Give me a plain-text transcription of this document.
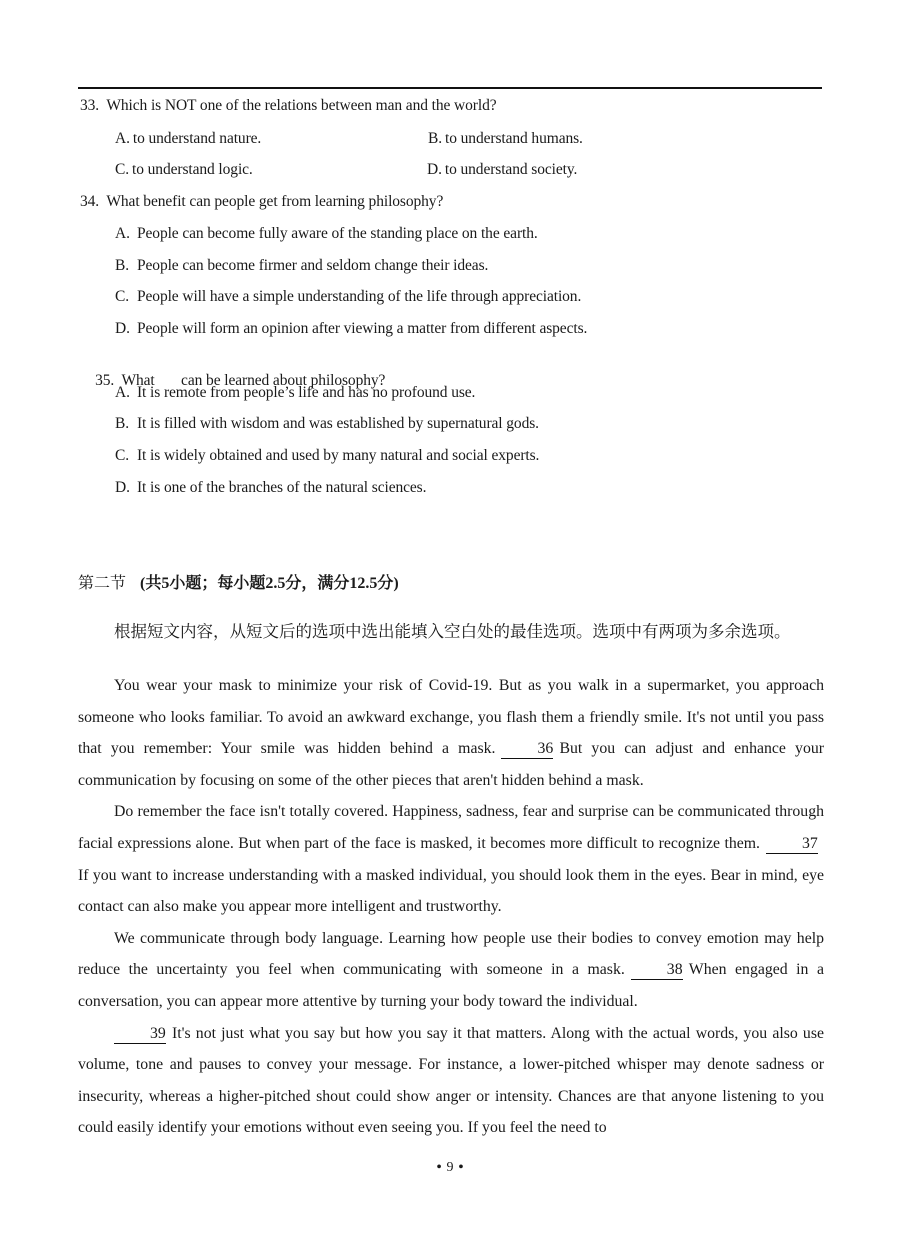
33. Which is NOT one of the relations between man and the world?
A. to understand nature.	B. to understand humans.
C. to understand logic.	D. to understand society.
34. What benefit can people get from learning philosophy?
A. People can become fully aware of the standing place on the earth.
B. People can become firmer and seldom change their ideas.
C. People will have a simple understanding of the life through appreciation.
D. People will form an opinion after viewing a matter from different aspects.

35. What       can be learned about philosophy?

A. It is remote from people’s life and has no profound use.
B. It is filled with wisdom and was established by supernatural gods.
C. It is widely obtained and used by many natural and social experts.
D. It is one of the branches of the natural sciences.
第二节 (共5小题；每小题2.5分，满分12.5分)
根据短文内容，从短文后的选项中选出能填入空白处的最佳选项。选项中有两项为多余选项。

You wear your mask to minimize your risk of Covid-19. But as you walk in a supermarket, you approach someone who looks familiar. To avoid an awkward exchange, you flash them a friendly smile. It's not until you pass that you remember: Your smile was hidden behind a mask.	36 But you can adjust and enhance your communication by focusing on some of the other pieces that aren't hidden behind a mask.

Do remember the face isn't totally covered. Happiness, sadness, fear and surprise can be communicated through facial expressions alone. But when part of the face is masked, it becomes more difficult to recognize them.	37If you want to increase understanding with a masked individual, you should look them in the eyes. Bear in mind, eye contact can also make you appear more intelligent and trustworthy.

We communicate through body language. Learning how people use their bodies to convey emotion may help reduce the uncertainty you feel when communicating with someone in a mask.	38 When engaged in a conversation, you can appear more attentive by turning your body toward the individual.

39 It's not just what you say but how you say it that matters. Along with the actual words, you also use volume, tone and pauses to convey your message. For instance, a lower-pitched whisper may denote sadness or insecurity, whereas a higher-pitched shout could show anger or intensity. Chances are that anyone listening to you could easily identify your emotions without even seeing you. If you feel the need to

• 9 •
